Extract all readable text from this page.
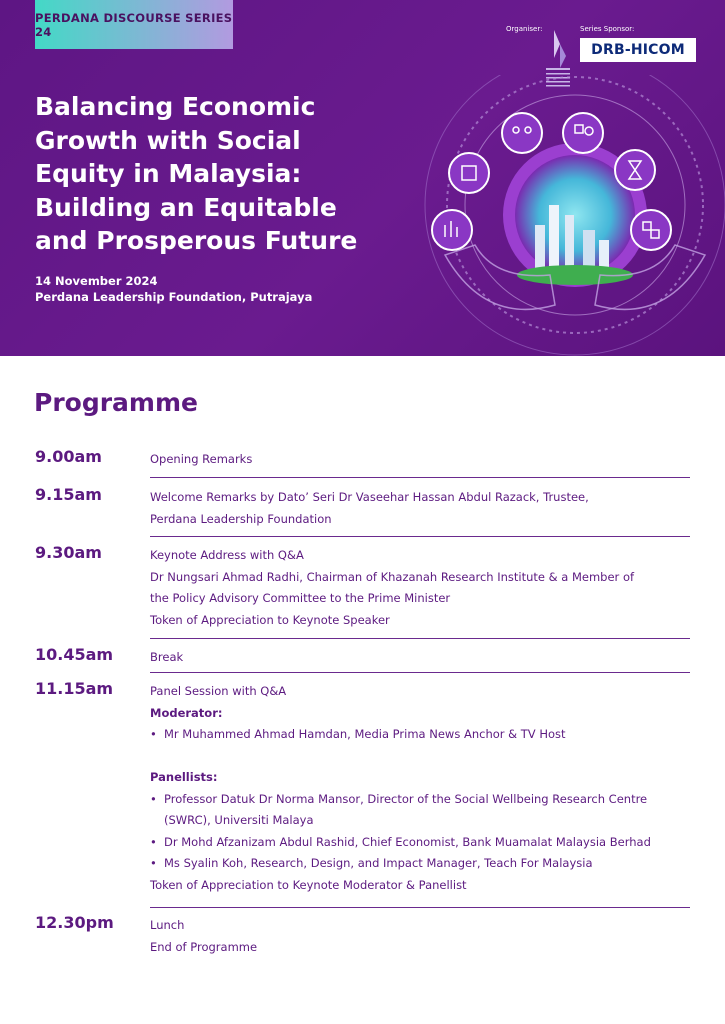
PERDANA DISCOURSE SERIES 24
Balancing Economic
Growth with Social
Equity in Malaysia:
Building an Equitable
and Prosperous Future
14 November 2024
Perdana Leadership Foundation, Putrajaya
Organiser:	Series Sponsor:
DRB-HICOM
Programme
9.00am	Opening Remarks
9.15am	Welcome Remarks by Dato’ Seri Dr Vaseehar Hassan Abdul Razack, Trustee,
Perdana Leadership Foundation
9.30am	Keynote Address with Q&A
Dr Nungsari Ahmad Radhi, Chairman of Khazanah Research Institute & a Member of
the Policy Advisory Committee to the Prime Minister
Token of Appreciation to Keynote Speaker
10.45am	Break
11.15am	Panel Session with Q&A
Moderator:
• Mr Muhammed Ahmad Hamdan, Media Prima News Anchor & TV Host
Panellists:
• Professor Datuk Dr Norma Mansor, Director of the Social Wellbeing Research Centre (SWRC), Universiti Malaya
• Dr Mohd Afzanizam Abdul Rashid, Chief Economist, Bank Muamalat Malaysia Berhad
• Ms Syalin Koh, Research, Design, and Impact Manager, Teach For Malaysia
Token of Appreciation to Keynote Moderator & Panellist
12.30pm	Lunch
End of Programme
